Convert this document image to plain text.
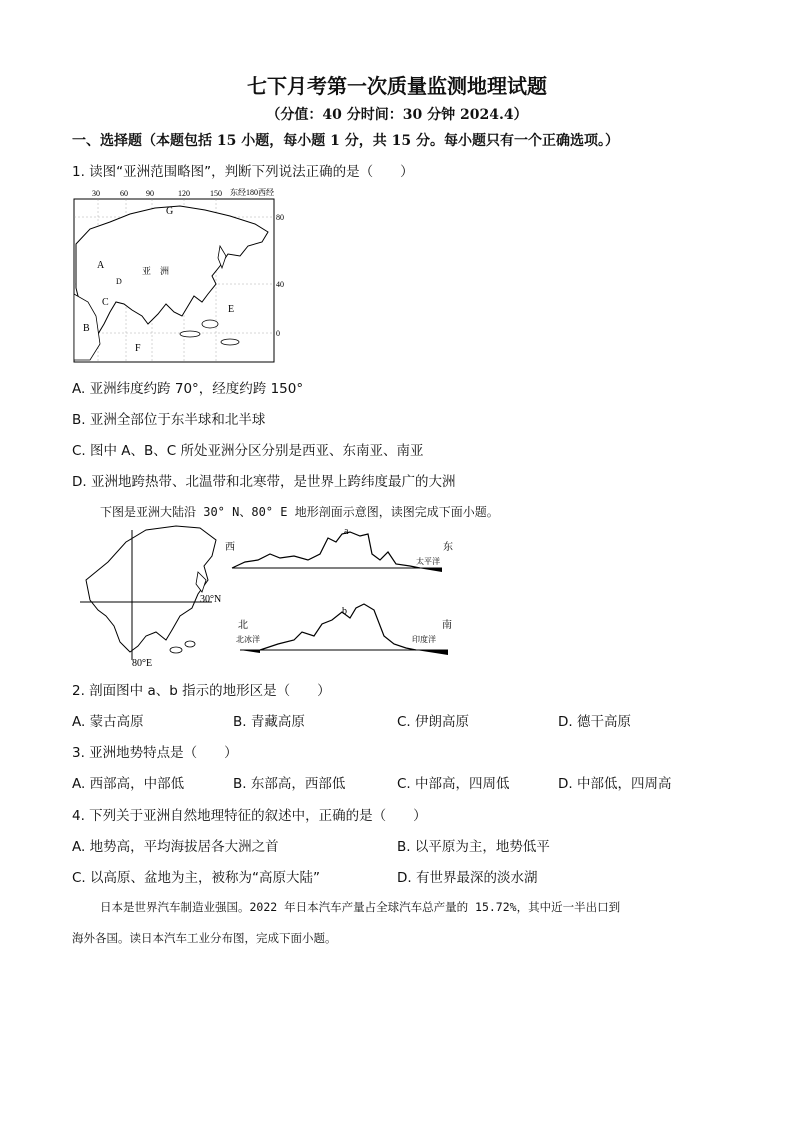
七下月考第一次质量监测地理试题
（分值：40 分时间：30 分钟 2024.4）
一、选择题（本题包括 15 小题，每小题 1 分，共 15 分。每小题只有一个正确选项。）
1. 读图“亚洲范围略图”，判断下列说法正确的是（　　）
30	60 90	120	150 东经180西经
80
40
0
G
A
C
B
F
E
D
亚　洲
A. 亚洲纬度约跨 70°，经度约跨 150°
B. 亚洲全部位于东半球和北半球
C. 图中 A、B、C 所处亚洲分区分别是西亚、东南亚、南亚
D. 亚洲地跨热带、北温带和北寒带，是世界上跨纬度最广的大洲
下图是亚洲大陆沿 30° N、80° E 地形剖面示意图，读图完成下面小题。
30°N
80°E
西	东
a
太平洋
北	南
b
北冰洋	印度洋
2. 剖面图中 a、b 指示的地形区是（　　）
A. 蒙古高原	B. 青藏高原	C. 伊朗高原	D. 德干高原
3. 亚洲地势特点是（　　）
A. 西部高，中部低	B. 东部高，西部低	C. 中部高，四周低	D. 中部低，四周高
4. 下列关于亚洲自然地理特征的叙述中，正确的是（　　）
A. 地势高，平均海拔居各大洲之首	B. 以平原为主，地势低平
C. 以高原、盆地为主，被称为“高原大陆”	D. 有世界最深的淡水湖
日本是世界汽车制造业强国。2022 年日本汽车产量占全球汽车总产量的 15.72%，其中近一半出口到
海外各国。读日本汽车工业分布图，完成下面小题。
